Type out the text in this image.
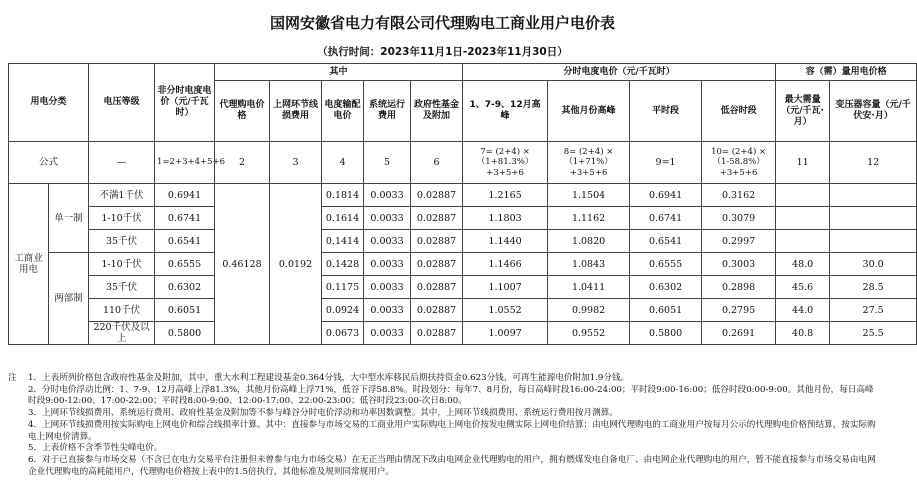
国网安徽省电力有限公司代理购电工商业用户电价表
（执行时间：2023年11月1日-2023年11月30日）
用电分类		电压等级	非分时电度电价（元/千瓦时）	其中					分时电度电价（元/千瓦时）				容（需）量用电价格	
				代理购电价格	上网环节线损费用	电度输配电价	系统运行费用	政府性基金及附加	1、7-9、12月高峰	其他月份高峰	平时段	低谷时段	最大需量（元/千瓦·月）	变压器容量（元/千伏安·月）
公式		—	1=2+3+4+5+6	2	3	4	5	6	7= (2+4) ×（1+81.3%）+3+5+6	8= (2+4) ×（1+71%）+3+5+6	9=1	10= (2+4) ×（1-58.8%）+3+5+6	11	12
工商业用电	单一制	不满1千伏	0.6941	0.46128	0.0192	0.1814	0.0033	0.02887	1.2165	1.1504	0.6941	0.3162		
		1-10千伏	0.6741			0.1614	0.0033	0.02887	1.1803	1.1162	0.6741	0.3079		
		35千伏	0.6541			0.1414	0.0033	0.02887	1.1440	1.0820	0.6541	0.2997		
	两部制	1-10千伏	0.6555			0.1428	0.0033	0.02887	1.1466	1.0843	0.6555	0.3003	48.0	30.0
		35千伏	0.6302			0.1175	0.0033	0.02887	1.1007	1.0411	0.6302	0.2898	45.6	28.5
		110千伏	0.6051			0.0924	0.0033	0.02887	1.0552	0.9982	0.6051	0.2795	44.0	27.5
		220千伏及以上	0.5800			0.0673	0.0033	0.02887	1.0097	0.9552	0.5800	0.2691	40.8	25.5
注	1．上表所列价格包含政府性基金及附加，其中，重大水利工程建设基金0.364分钱，大中型水库移民后期扶持资金0.623分钱，可再生能源电价附加1.9分钱。
2．分时电价浮动比例：1、7-9、12月高峰上浮81.3%，其他月份高峰上浮71%，低谷下浮58.8%。时段划分：每年7、8月份，每日高峰时段16:00-24:00；平时段9:00-16:00；低谷时段0:00-9:00。其他月份，每日高峰时段9:00-12:00、17:00-22:00；平时段8:00-9:00、12:00-17:00、22:00-23:00；低谷时段23:00-次日8:00。
3．上网环节线损费用、系统运行费用、政府性基金及附加等不参与峰谷分时电价浮动和功率因数调整。其中，上网环节线损费用、系统运行费用按月测算。
4．上网环节线损费用按实际购电上网电价和综合线损率计算。其中：直接参与市场交易的工商业用户实际购电上网电价按发电侧实际上网电价结算；由电网代理购电的工商业用户按每月公示的代理购电价格预结算，按实际购电上网电价清算。
5．上表价格不含季节性尖峰电价。
6．对于已直接参与市场交易（不含已在电力交易平台注册但未曾参与电力市场交易）在无正当理由情况下改由电网企业代理购电的用户，拥有燃煤发电自备电厂、由电网企业代理购电的用户，暂不能直接参与市场交易由电网企业代理购电的高耗能用户，代理购电价格按上表中的1.5倍执行，其他标准及规则同常规用户。
